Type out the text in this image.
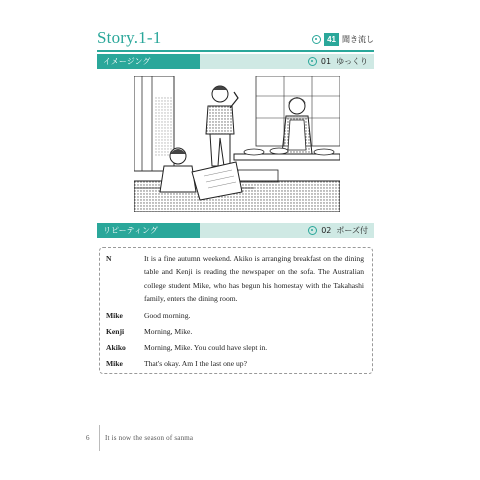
Story.1-1	41 聞き流し
イメージング	01 ゆっくり
リピーティング	02 ポーズ付
N	It is a fine autumn weekend. Akiko is arranging breakfast on the dining table and Kenji is reading the newspaper on the sofa. The Australian college student Mike, who has begun his homestay with the Takahashi family, enters the dining room.
Mike	Good morning.
Kenji	Morning, Mike.
Akiko Morning, Mike. You could have slept in.
Mike	That's okay. Am I the last one up?
6 It is now the season of sanma
